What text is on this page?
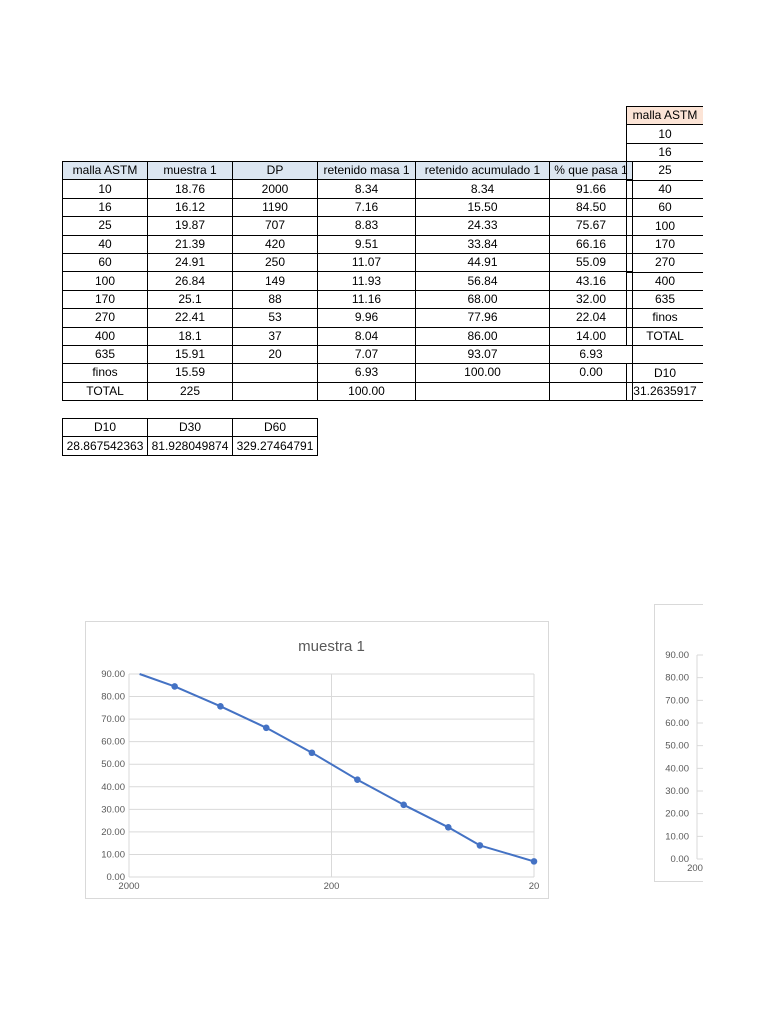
malla ASTM	muestra 1	DP	retenido masa 1	retenido acumulado 1	% que pasa 1
10	18.76	2000	8.34	8.34	91.66
16	16.12	1190	7.16	15.50	84.50
25	19.87	707	8.83	24.33	75.67
40	21.39	420	9.51	33.84	66.16
60	24.91	250	11.07	44.91	55.09
100	26.84	149	11.93	56.84	43.16
170	25.1	88	11.16	68.00	32.00
270	22.41	53	9.96	77.96	22.04
400	18.1	37	8.04	86.00	14.00
635	15.91	20	7.07	93.07	6.93
finos	15.59		6.93	100.00	0.00
TOTAL	225		100.00		
malla ASTM
10
16
25
40
60
100
170
270
400
635
finos
TOTAL

D10
31.2635917
D10	D30	D60
28.867542363	81.928049874	329.27464791
muestra 1
0.00
10.00
20.00
30.00
40.00
50.00
60.00
70.00
80.00
90.00
2000	200	20
0.00
10.00
20.00
30.00
40.00
50.00
60.00
70.00
80.00
90.00
200
